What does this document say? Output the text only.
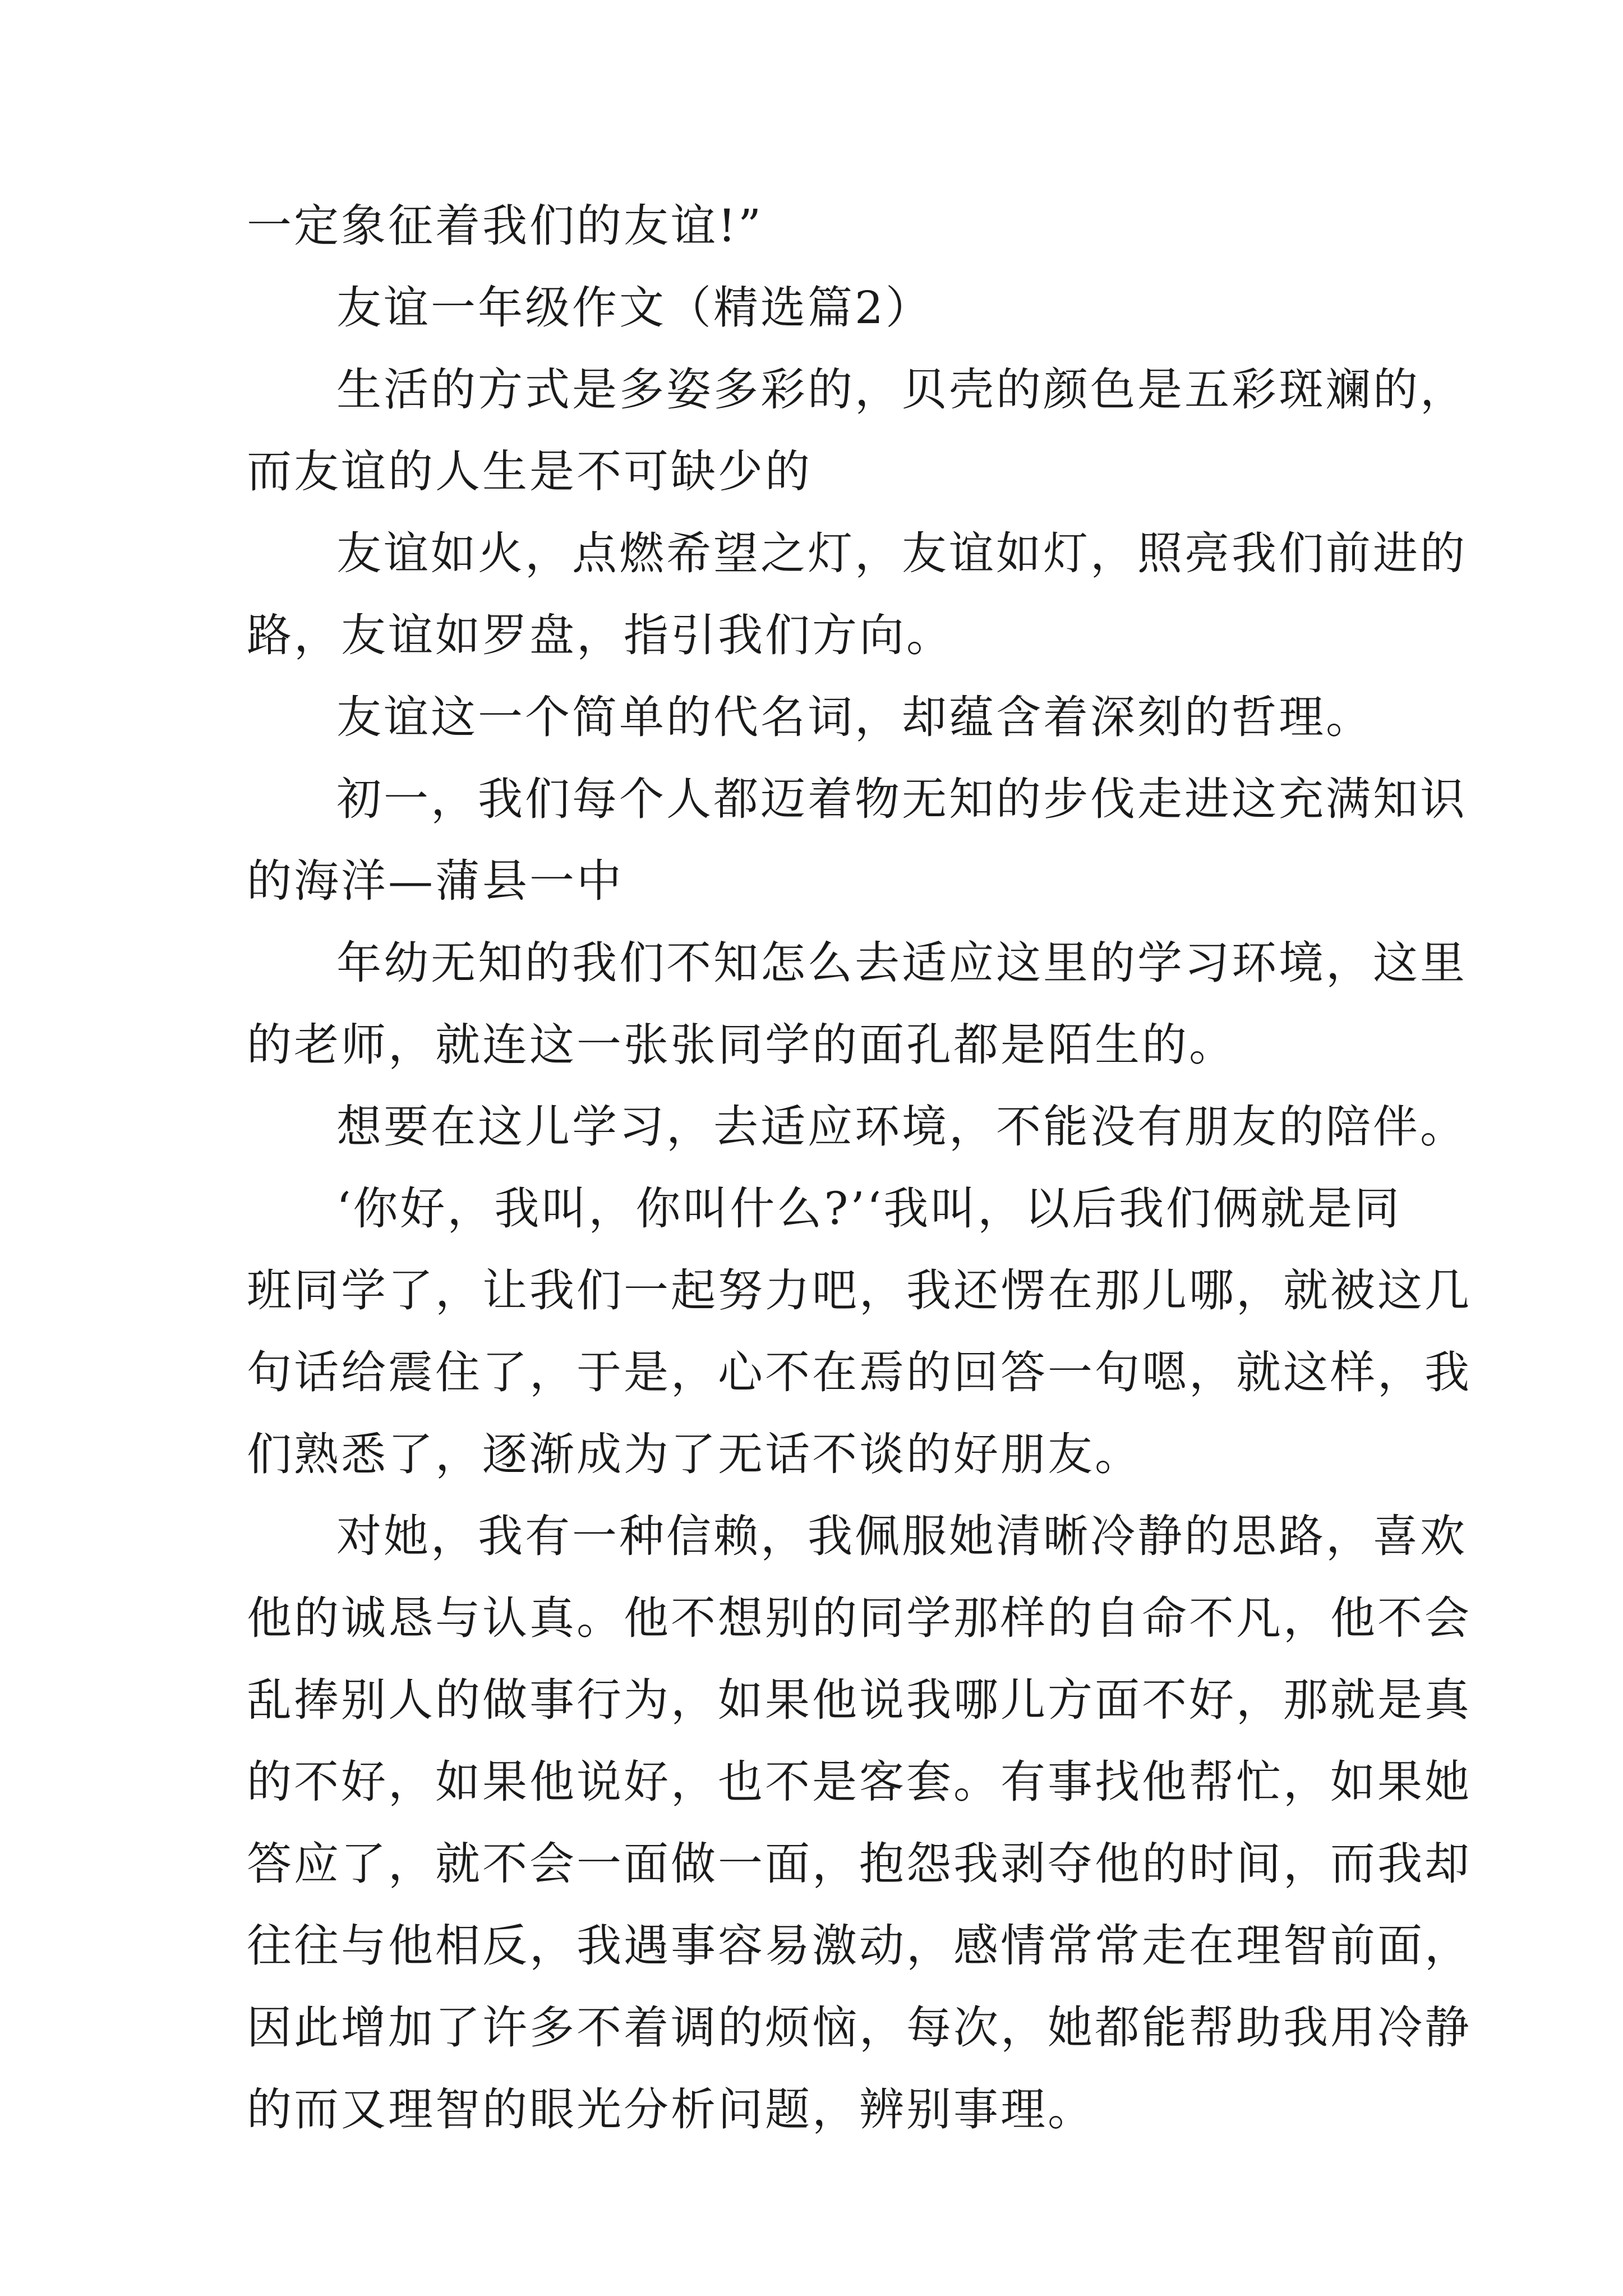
一定象征着我们的友谊!”

友谊一年级作文（精选篇2）

生活的方式是多姿多彩的，贝壳的颜色是五彩斑斓的，

而友谊的人生是不可缺少的

友谊如火，点燃希望之灯，友谊如灯，照亮我们前进的

路，友谊如罗盘，指引我们方向。

友谊这一个简单的代名词，却蕴含着深刻的哲理。

初一，我们每个人都迈着物无知的步伐走进这充满知识

的海洋—蒲县一中

年幼无知的我们不知怎么去适应这里的学习环境，这里

的老师，就连这一张张同学的面孔都是陌生的。

想要在这儿学习，去适应环境，不能没有朋友的陪伴。

‘你好，我叫，你叫什么?’‘我叫，以后我们俩就是同

班同学了，让我们一起努力吧，我还愣在那儿哪，就被这几

句话给震住了，于是，心不在焉的回答一句嗯，就这样，我

们熟悉了，逐渐成为了无话不谈的好朋友。

对她，我有一种信赖，我佩服她清晰冷静的思路，喜欢

他的诚恳与认真。他不想别的同学那样的自命不凡，他不会

乱捧别人的做事行为，如果他说我哪儿方面不好，那就是真

的不好，如果他说好，也不是客套。有事找他帮忙，如果她

答应了，就不会一面做一面，抱怨我剥夺他的时间，而我却

往往与他相反，我遇事容易激动，感情常常走在理智前面，

因此增加了许多不着调的烦恼，每次，她都能帮助我用冷静

的而又理智的眼光分析问题，辨别事理。
